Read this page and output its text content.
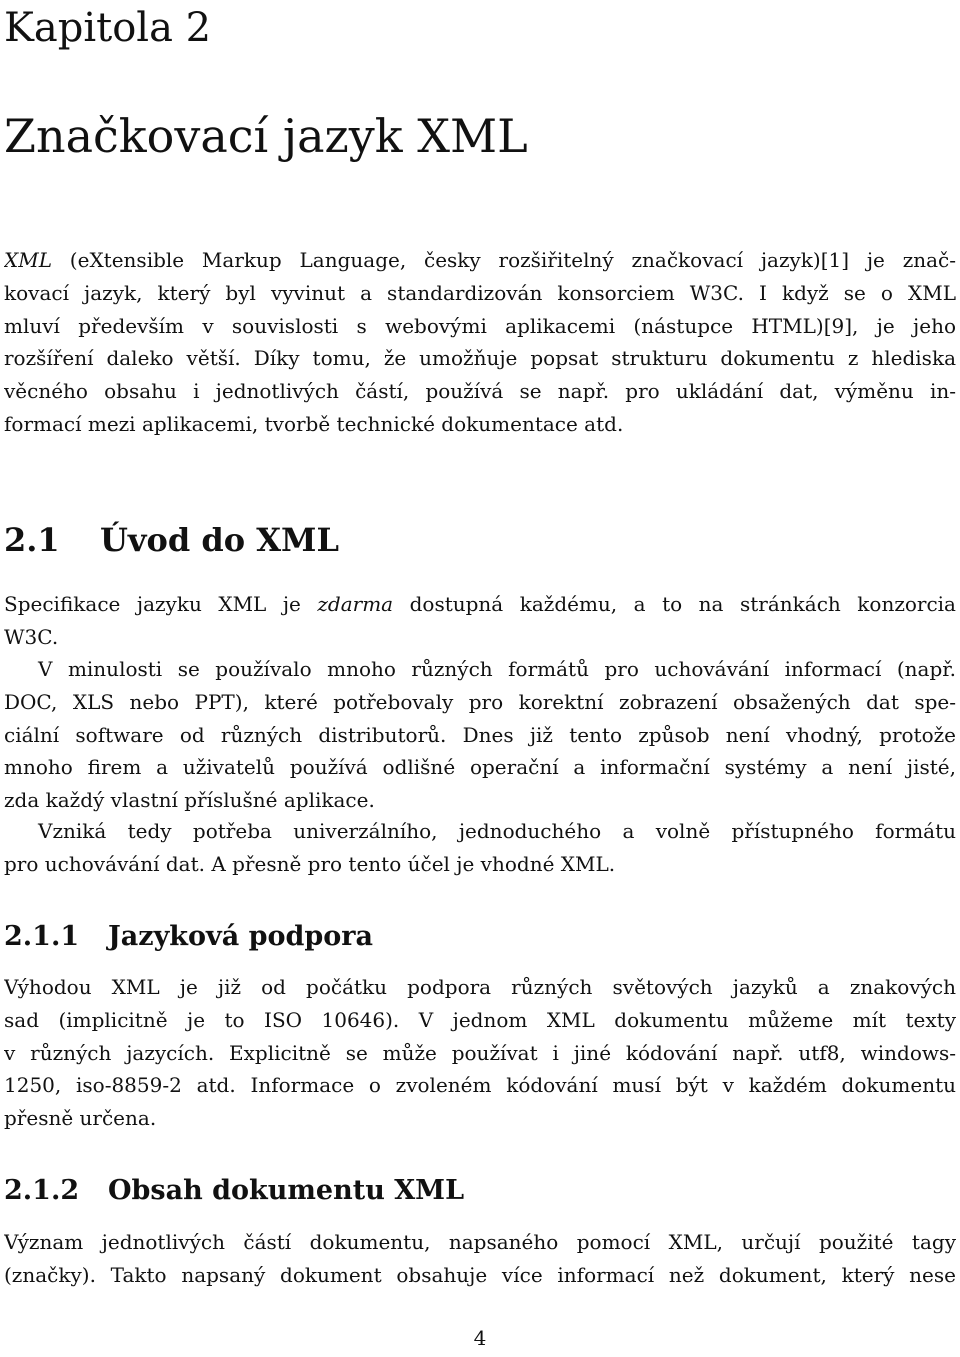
Kapitola 2
Značkovací jazyk XML

XML (eXtensible Markup Language, česky rozšiřitelný značkovací jazyk)[1] je znač-
kovací jazyk, který byl vyvinut a standardizován konsorciem W3C. I když se o XML
mluví především v souvislosti s webovými aplikacemi (nástupce HTML)[9], je jeho
rozšíření daleko větší. Díky tomu, že umožňuje popsat strukturu dokumentu z hlediska
věcného obsahu i jednotlivých částí, používá se např. pro ukládání dat, výměnu in-
formací mezi aplikacemi, tvorbě technické dokumentace atd.

2.1 Úvod do XML

Specifikace jazyku XML je zdarma dostupná každému, a to na stránkách konzorcia
W3C.

V minulosti se používalo mnoho různých formátů pro uchovávání informací (např.
DOC, XLS nebo PPT), které potřebovaly pro korektní zobrazení obsažených dat spe-
ciální software od různých distributorů. Dnes již tento způsob není vhodný, protože
mnoho firem a uživatelů používá odlišné operační a informační systémy a není jisté,
zda každý vlastní příslušné aplikace.

Vzniká tedy potřeba univerzálního, jednoduchého a volně přístupného formátu
pro uchovávání dat. A přesně pro tento účel je vhodné XML.

2.1.1 Jazyková podpora

Výhodou XML je již od počátku podpora různých světových jazyků a znakových
sad (implicitně je to ISO 10646). V jednom XML dokumentu můžeme mít texty
v různých jazycích. Explicitně se může používat i jiné kódování např. utf8, windows-
1250, iso-8859-2 atd. Informace o zvoleném kódování musí být v každém dokumentu
přesně určena.

2.1.2 Obsah dokumentu XML

Význam jednotlivých částí dokumentu, napsaného pomocí XML, určují použité tagy
(značky). Takto napsaný dokument obsahuje více informací než dokument, který nese

4
